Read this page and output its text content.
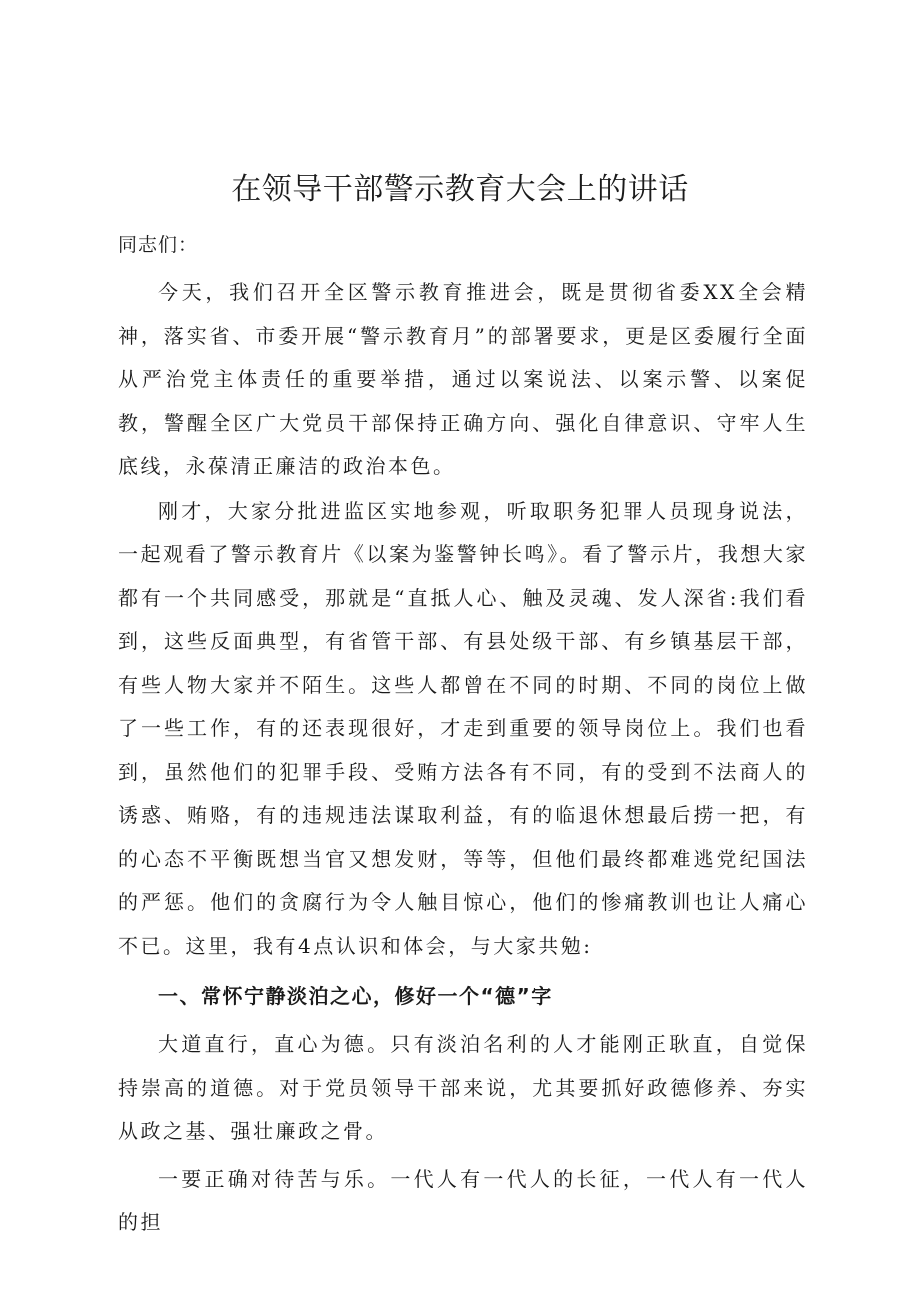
在领导干部警示教育大会上的讲话

同志们：

今天，我们召开全区警示教育推进会，既是贯彻省委XX全会精神，落实省、市委开展“警示教育月”的部署要求，更是区委履行全面从严治党主体责任的重要举措，通过以案说法、以案示警、以案促教，警醒全区广大党员干部保持正确方向、强化自律意识、守牢人生底线，永葆清正廉洁的政治本色。

刚才，大家分批进监区实地参观，听取职务犯罪人员现身说法，一起观看了警示教育片《以案为鉴警钟长鸣》。看了警示片，我想大家都有一个共同感受，那就是“直抵人心、触及灵魂、发人深省:我们看到，这些反面典型，有省管干部、有县处级干部、有乡镇基层干部，有些人物大家并不陌生。这些人都曾在不同的时期、不同的岗位上做了一些工作，有的还表现很好，才走到重要的领导岗位上。我们也看到，虽然他们的犯罪手段、受贿方法各有不同，有的受到不法商人的诱惑、贿赂，有的违规违法谋取利益，有的临退休想最后捞一把，有的心态不平衡既想当官又想发财，等等，但他们最终都难逃党纪国法的严惩。他们的贪腐行为令人触目惊心，他们的惨痛教训也让人痛心不已。这里，我有4点认识和体会，与大家共勉:

一、常怀宁静淡泊之心，修好一个“德”字

大道直行，直心为德。只有淡泊名利的人才能刚正耿直，自觉保持崇高的道德。对于党员领导干部来说，尤其要抓好政德修养、夯实从政之基、强壮廉政之骨。

一要正确对待苦与乐。一代人有一代人的长征，一代人有一代人的担
